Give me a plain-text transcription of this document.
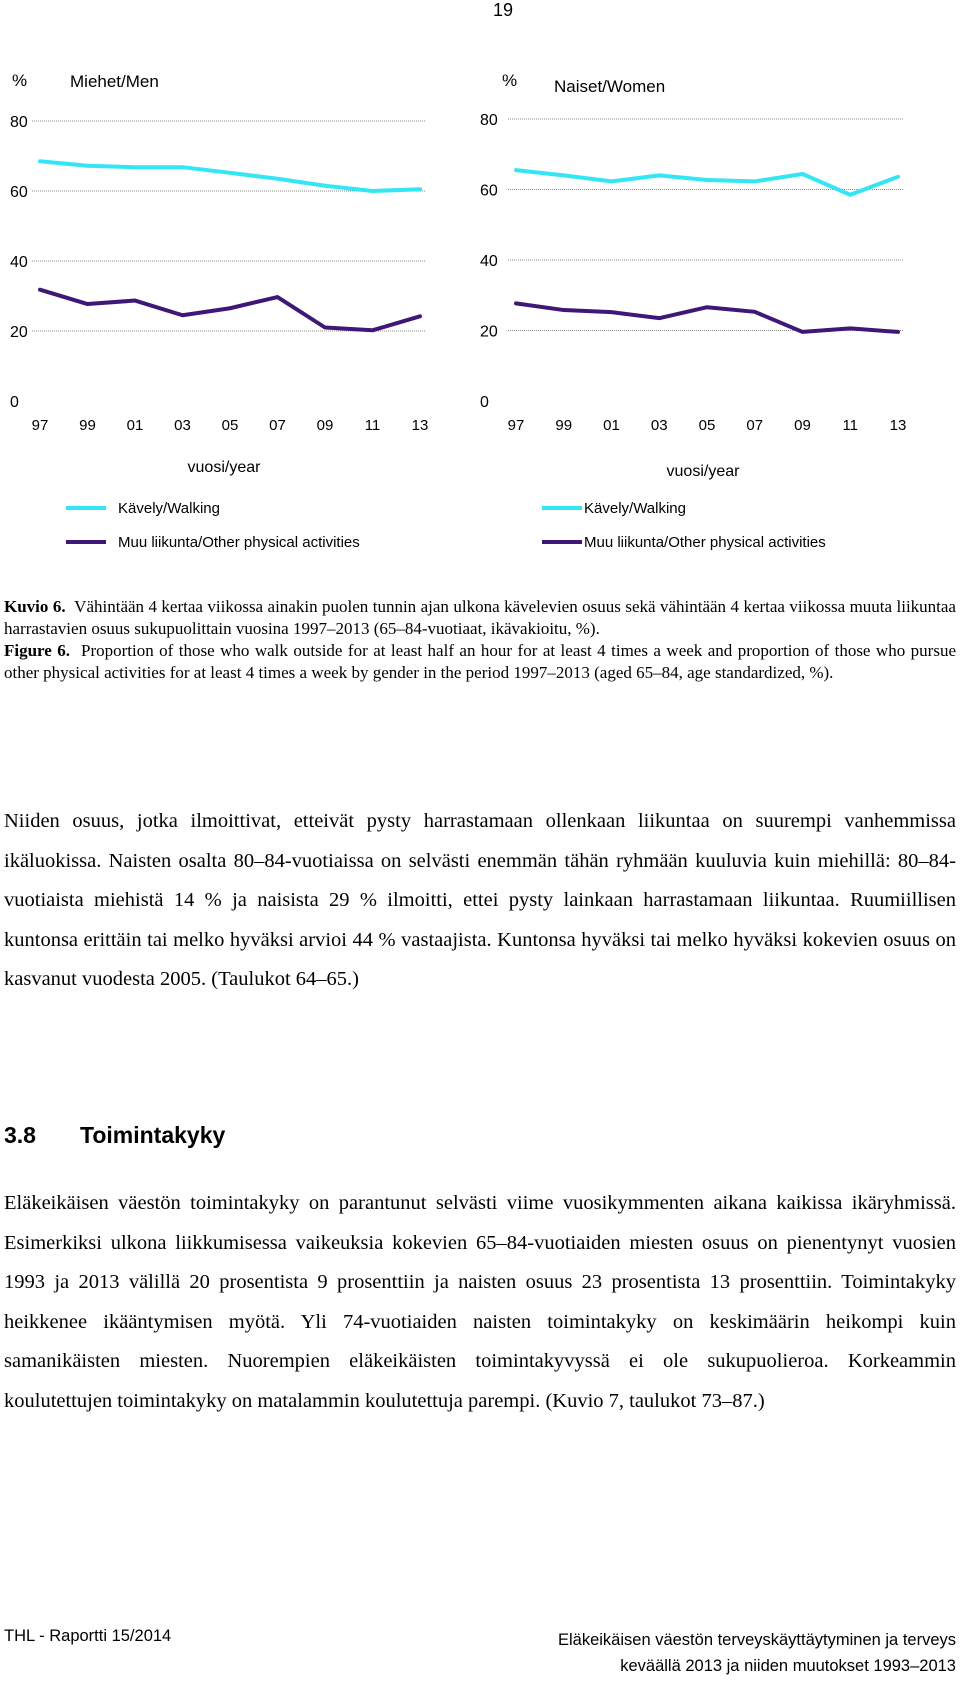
19
%	Miehet/Men
0
20
40
60
80
97 99 01 03 05 07 09 11 13
vuosi/year
Kävely/Walking
Muu liikunta/Other physical activities
% Naiset/Women
0
20
40
60
80
97 99 01 03 05 07 09 11 13
vuosi/year
Kävely/Walking
Muu liikunta/Other physical activities

Kuvio 6. Vähintään 4 kertaa viikossa ainakin puolen tunnin ajan ulkona kävelevien osuus sekä vähintään 4 kertaa viikossa muuta liikuntaa harrastavien osuus sukupuolittain vuosina 1997–2013 (65–84-vuotiaat, ikävakioitu, %).

Figure 6. Proportion of those who walk outside for at least half an hour for at least 4 times a week and proportion of those who pursue other physical activities for at least 4 times a week by gender in the period 1997–2013 (aged 65–84, age standardized, %).

Niiden osuus, jotka ilmoittivat, etteivät pysty harrastamaan ollenkaan liikuntaa on suurempi vanhemmissa ikäluokissa. Naisten osalta 80–84-vuotiaissa on selvästi enemmän tähän ryhmään kuuluvia kuin miehillä: 80–84-vuotiaista miehistä 14 % ja naisista 29 % ilmoitti, ettei pysty lainkaan harrastamaan liikuntaa. Ruumiillisen kuntonsa erittäin tai melko hyväksi arvioi 44 % vastaajista. Kuntonsa hyväksi tai melko hyväksi kokevien osuus on kasvanut vuodesta 2005. (Taulukot 64–65.)

3.8 Toimintakyky

Eläkeikäisen väestön toimintakyky on parantunut selvästi viime vuosikymmenten aikana kaikissa ikäryhmissä. Esimerkiksi ulkona liikkumisessa vaikeuksia kokevien 65–84-vuotiaiden miesten osuus on pienentynyt vuosien 1993 ja 2013 välillä 20 prosentista 9 prosenttiin ja naisten osuus 23 prosentista 13 prosenttiin. Toimintakyky heikkenee ikääntymisen myötä. Yli 74-vuotiaiden naisten toimintakyky on keskimäärin heikompi kuin samanikäisten miesten. Nuorempien eläkeikäisten toimintakyvyssä ei ole sukupuolieroa. Korkeammin koulutettujen toimintakyky on matalammin koulutettuja parempi. (Kuvio 7, taulukot 73–87.)

THL - Raportti 15/2014	Eläkeikäisen väestön terveyskäyttäytyminen ja terveys
keväällä 2013 ja niiden muutokset 1993–2013
